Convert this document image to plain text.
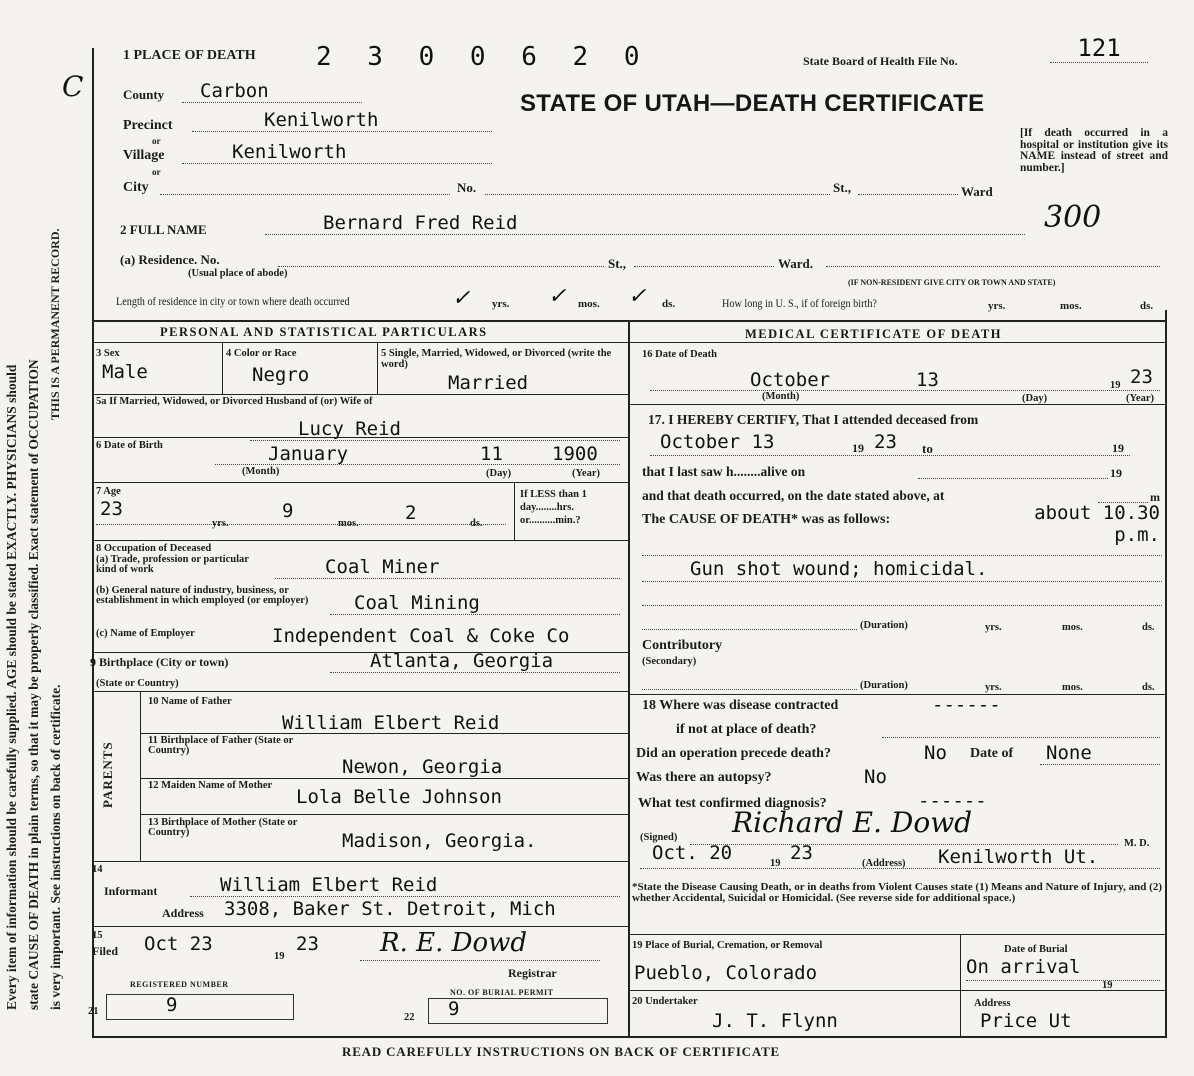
Every item of information should be carefully supplied. AGE should be stated EXACTLY. PHYSICIANS should state CAUSE OF DEATH in plain terms, so that it may be properly classified. Exact statement of OCCUPATION is very important. See instructions on back of certificate.
THIS IS A PERMANENT RECORD.
C
1 PLACE OF DEATH 2 3 0 0 6 2 0	State Board of Health File No.	121
STATE OF UTAH—DEATH CERTIFICATE
[If death occurred in a hospital or institution give its NAME instead of street and number.]
300
County	Carbon
Precinct	Kenilworth
or
Village	Kenilworth
or
City	No.	St.,	Ward
2 FULL NAME	Bernard Fred Reid
(a) Residence. No.	St.,	Ward.
(Usual place of abode)
(IF NON-RESIDENT GIVE CITY OR TOWN AND STATE)
Length of residence in city or town where death occurred	✓ yrs. ✓ mos. ✓ ds.	How long in U. S., if of foreign birth?	yrs.	mos.	ds.
PERSONAL AND STATISTICAL PARTICULARS	MEDICAL CERTIFICATE OF DEATH
3 Sex
Male
4 Color or Race
Negro
5 Single, Married, Widowed, or Divorced (write the word)
Married
5a If Married, Widowed, or Divorced Husband of (or) Wife of
Lucy Reid
6 Date of Birth	January	11	1900
(Month)	(Day)	(Year)
7 Age
23	9	2
yrs.	mos.	ds.
If LESS than 1 day........hrs. or..........min.?
8 Occupation of Deceased
(a) Trade, profession or particular kind of work	Coal Miner
(b) General nature of industry, business, or establishment in which employed (or employer)	Coal Mining
(c) Name of Employer	Independent Coal & Coke Co
9 Birthplace (City or town)	Atlanta, Georgia
(State or Country)
PARENTS
10 Name of Father
William Elbert Reid
11 Birthplace of Father (State or Country)
Newon, Georgia
12 Maiden Name of Mother
Lola Belle Johnson
13 Birthplace of Mother (State or Country)	Madison, Georgia.
14
Informant	William Elbert Reid
Address 3308, Baker St. Detroit, Mich
15
Filed Oct 23
19
23 R. E. Dowd
Registrar
REGISTERED NUMBER
21	9
NO. OF BURIAL PERMIT
22 9
16 Date of Death
October	13	19 23
(Month)	(Day)	(Year)
17. I HEREBY CERTIFY, That I attended deceased from
October 13	19 23 to	19
that I last saw h........alive on	19
and that death occurred, on the date stated above, at	m
The CAUSE OF DEATH* was as follows:	about 10.30 p.m.
Gun shot wound; homicidal.
(Duration)	yrs.	mos.	ds.
Contributory
(Secondary)
(Duration)	yrs.	mos.	ds.
18 Where was disease contracted	------
if not at place of death?
Did an operation precede death?	No Date of	None
Was there an autopsy?	No
What test confirmed diagnosis?	------
(Signed) Richard E. Dowd
M. D.
Oct. 20	19 23	(Address) Kenilworth Ut.
*State the Disease Causing Death, or in deaths from Violent Causes state (1) Means and Nature of Injury, and (2) whether Accidental, Suicidal or Homicidal. (See reverse side for additional space.)
19 Place of Burial, Cremation, or Removal
Pueblo, Colorado
Date of Burial
On arrival
19
20 Undertaker
J. T. Flynn
Address
Price Ut
READ CAREFULLY INSTRUCTIONS ON BACK OF CERTIFICATE
